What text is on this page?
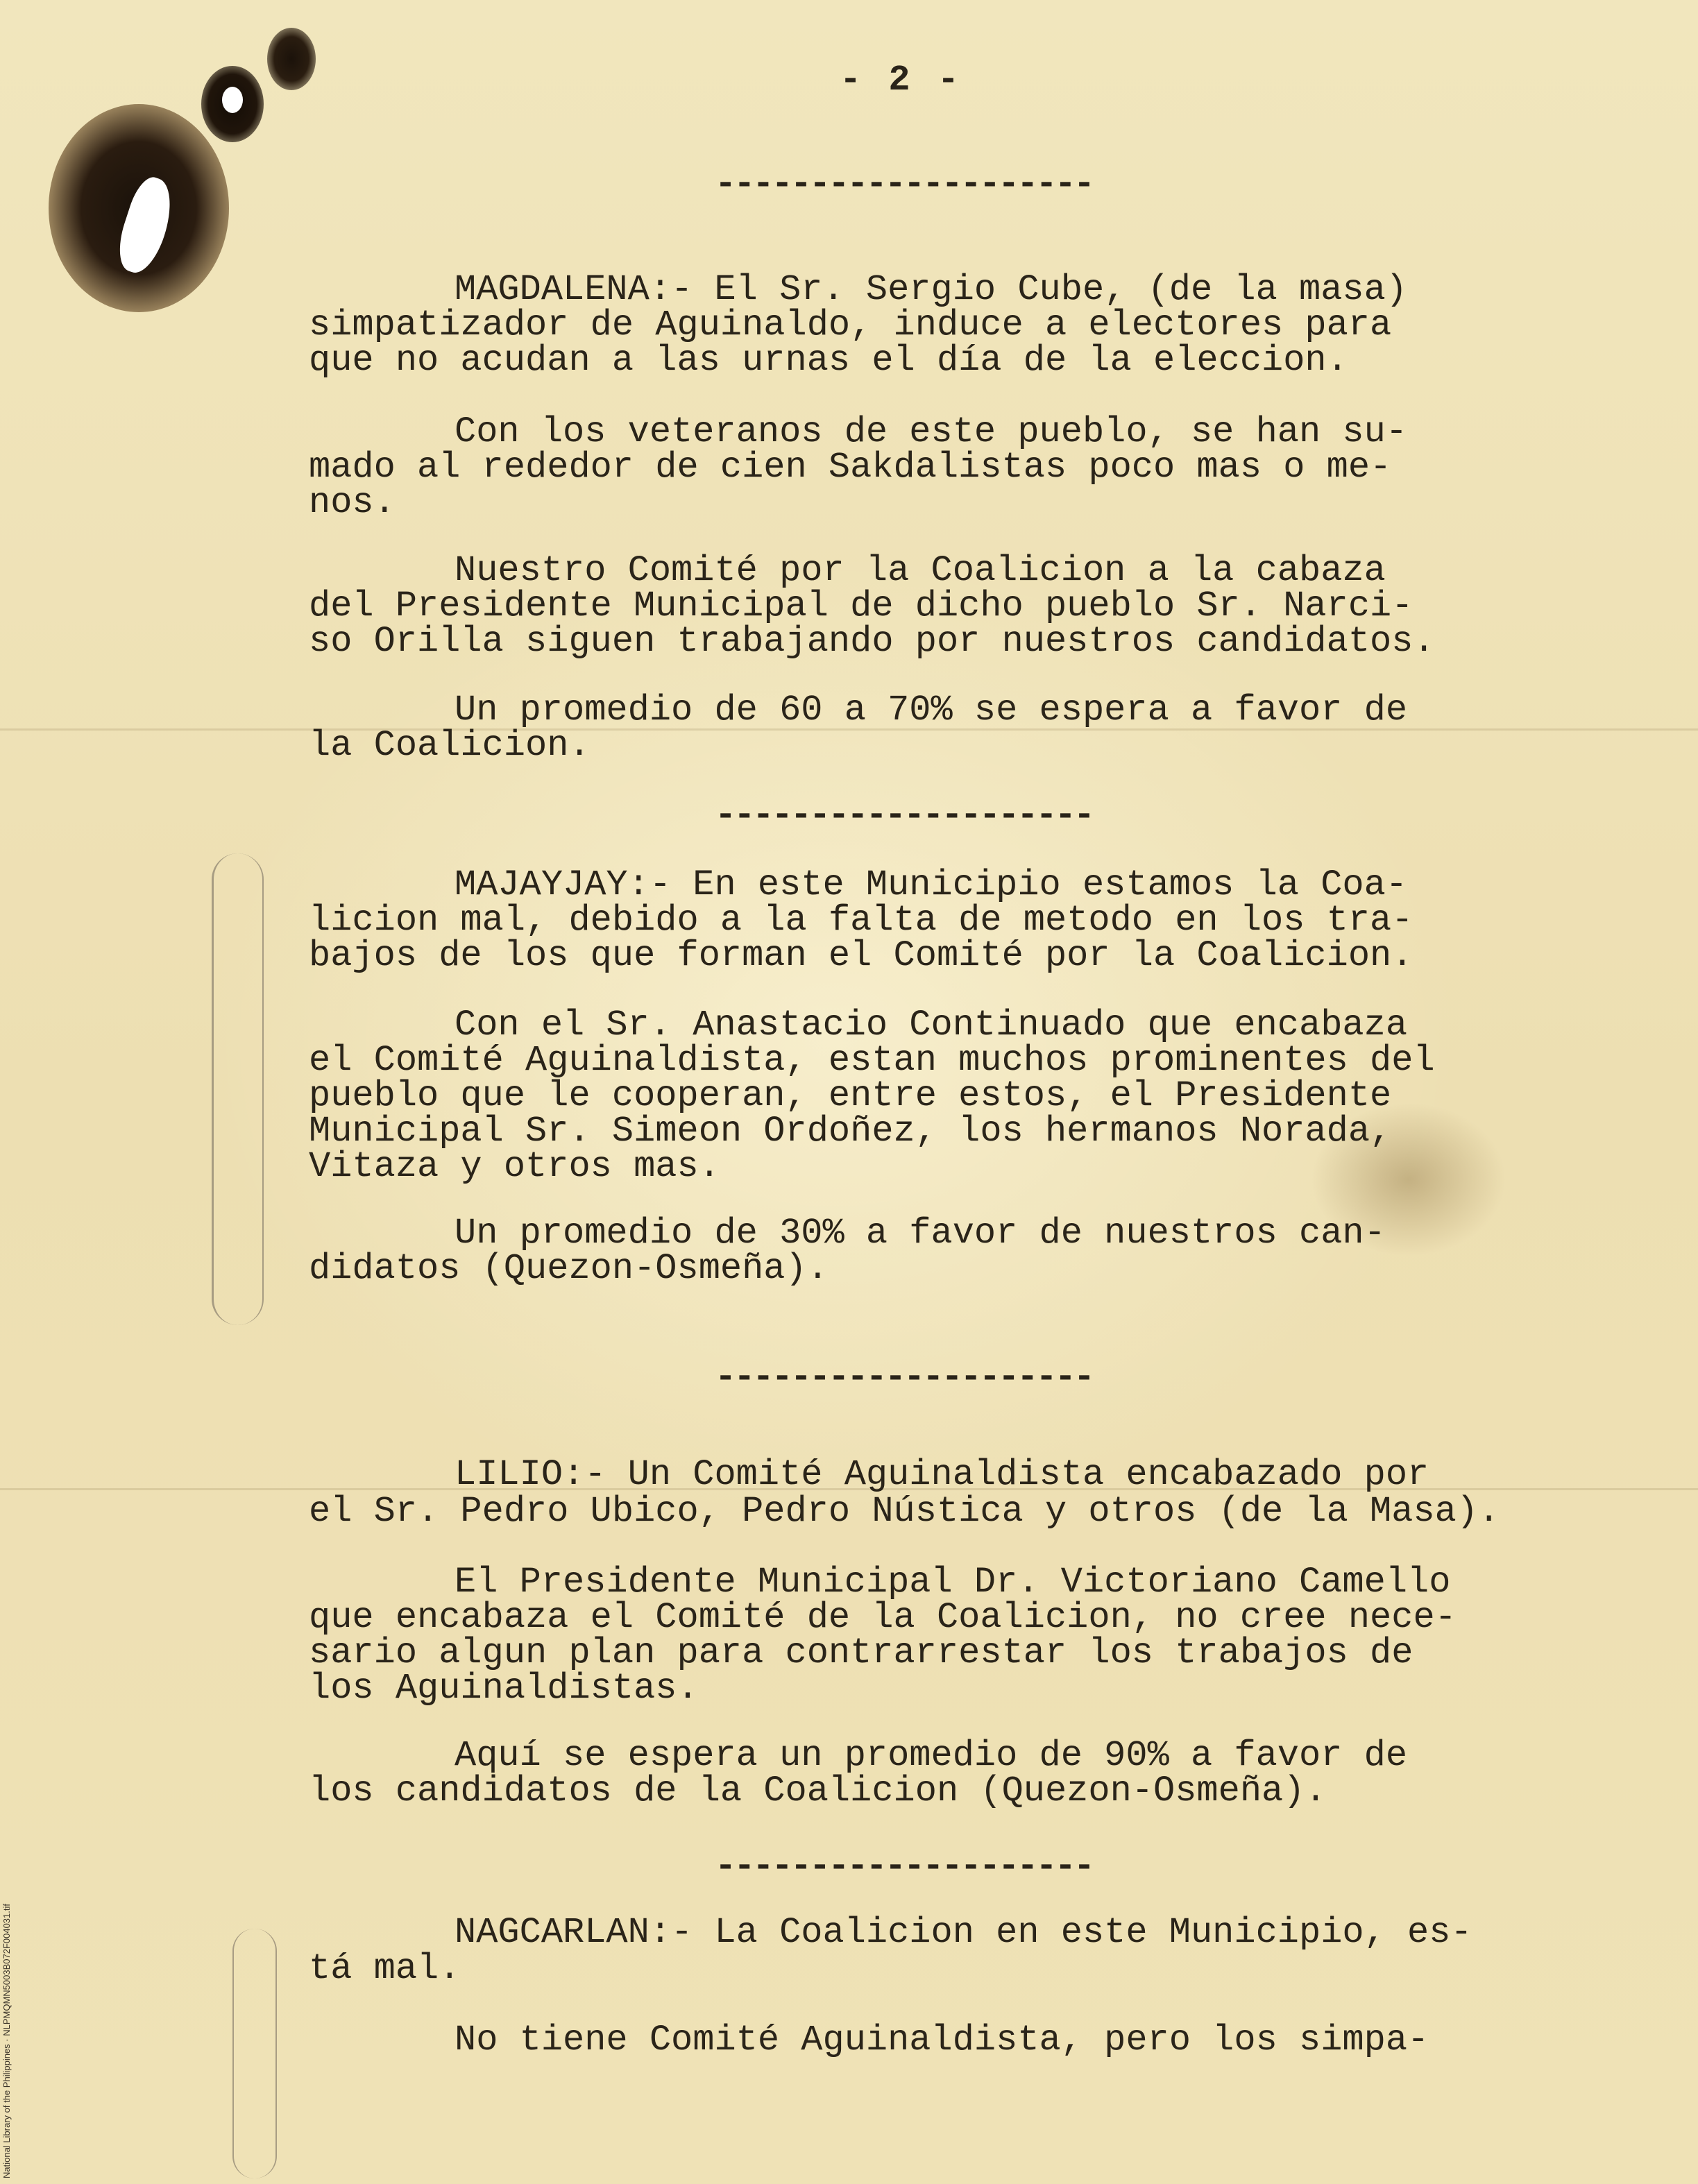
- 2 -
--------------------
--------------------
--------------------
--------------------
MAGDALENA:- El Sr. Sergio Cube, (de la masa)
simpatizador de Aguinaldo, induce a electores para
que no acudan a las urnas el día de la eleccion.
Con los veteranos de este pueblo, se han su-
mado al rededor de cien Sakdalistas poco mas o me-
nos.
Nuestro Comité por la Coalicion a la cabaza
del Presidente Municipal de dicho pueblo Sr. Narci-
so Orilla siguen trabajando por nuestros candidatos.
Un promedio de 60 a 70% se espera a favor de
la Coalicion.
MAJAYJAY:- En este Municipio estamos la Coa-
licion mal, debido a la falta de metodo en los tra-
bajos de los que forman el Comité por la Coalicion.
Con el Sr. Anastacio Continuado que encabaza
el Comité Aguinaldista, estan muchos prominentes del
pueblo que le cooperan, entre estos, el Presidente
Municipal Sr. Simeon Ordoñez, los hermanos Norada,
Vitaza y otros mas.
Un promedio de 30% a favor de nuestros can-
didatos (Quezon-Osmeña).
LILIO:- Un Comité Aguinaldista encabazado por
el Sr. Pedro Ubico, Pedro Nústica y otros (de la Masa).
El Presidente Municipal Dr. Victoriano Camello
que encabaza el Comité de la Coalicion, no cree nece-
sario algun plan para contrarrestar los trabajos de
los Aguinaldistas.
Aquí se espera un promedio de 90% a favor de
los candidatos de la Coalicion (Quezon-Osmeña).
NAGCARLAN:- La Coalicion en este Municipio, es-
tá mal.
No tiene Comité Aguinaldista, pero los simpa-
National Library of the Philippines · NLPMQMN5003B072F004031.tif
